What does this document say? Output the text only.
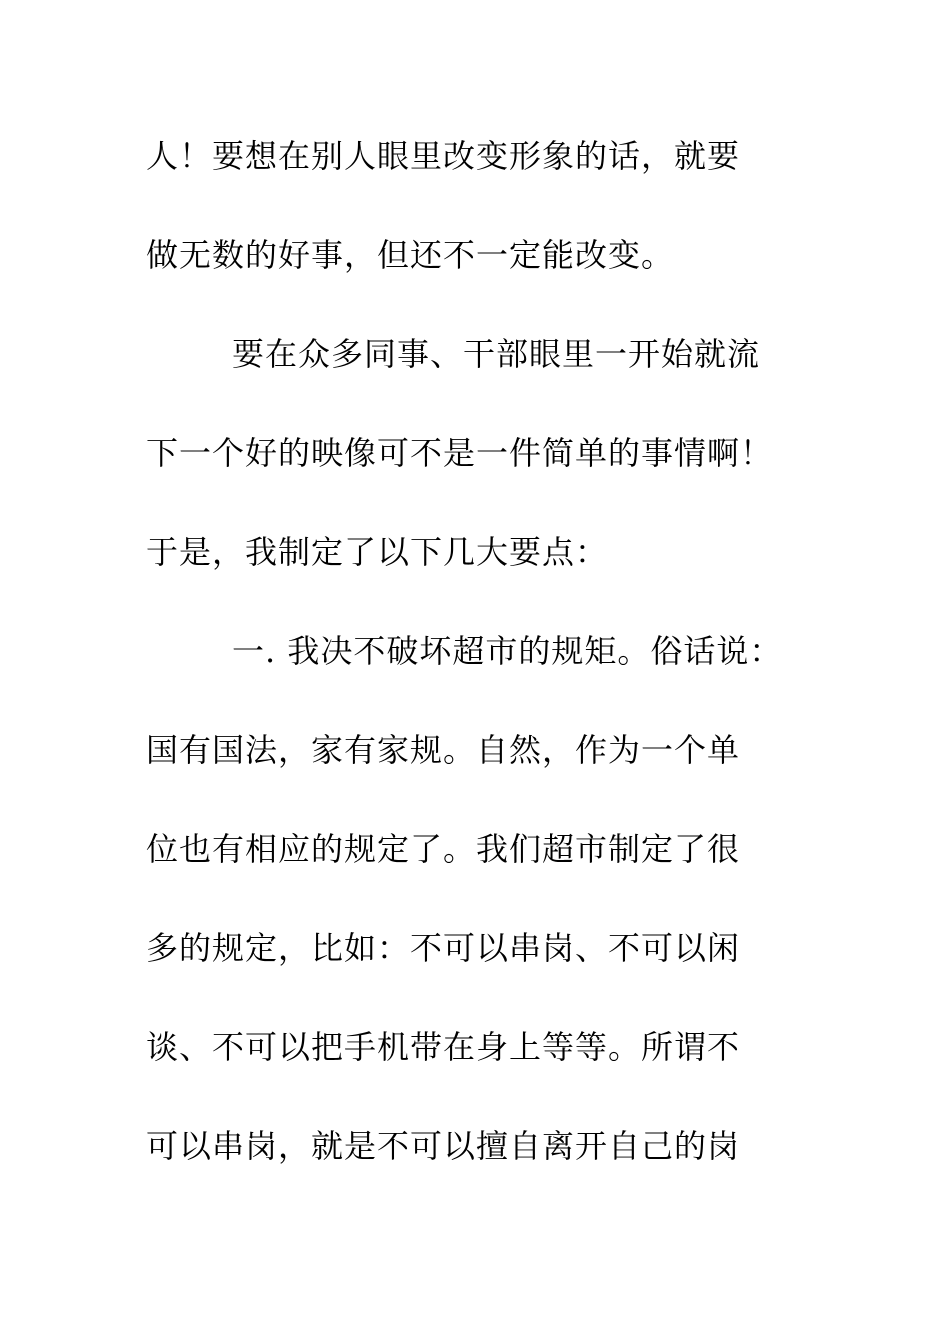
人！要想在别人眼里改变形象的话，就要
做无数的好事，但还不一定能改变。
要在众多同事、干部眼里一开始就流
下一个好的映像可不是一件简单的事情啊！
于是，我制定了以下几大要点：
一. 我决不破坏超市的规矩。俗话说：
国有国法，家有家规。自然，作为一个单
位也有相应的规定了。我们超市制定了很
多的规定，比如：不可以串岗、不可以闲
谈、不可以把手机带在身上等等。所谓不
可以串岗，就是不可以擅自离开自己的岗
